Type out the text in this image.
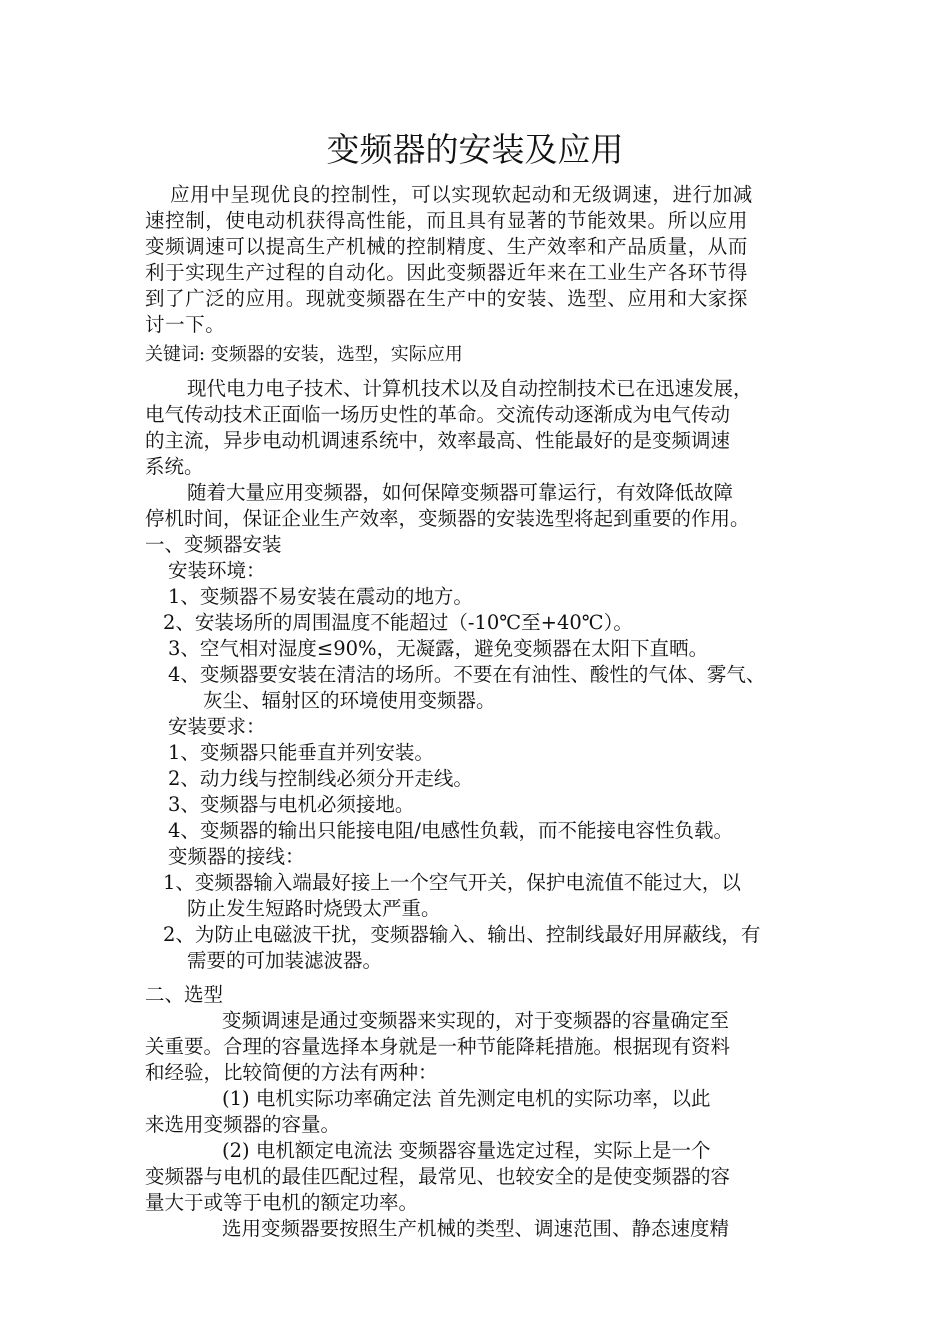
变频器的安装及应用
应用中呈现优良的控制性，可以实现软起动和无级调速，进行加减
速控制，使电动机获得高性能，而且具有显著的节能效果。所以应用
变频调速可以提高生产机械的控制精度、生产效率和产品质量，从而
利于实现生产过程的自动化。因此变频器近年来在工业生产各环节得
到了广泛的应用。现就变频器在生产中的安装、选型、应用和大家探
讨一下。
关键词: 变频器的安装，选型，实际应用
现代电力电子技术、计算机技术以及自动控制技术已在迅速发展，
电气传动技术正面临一场历史性的革命。交流传动逐渐成为电气传动
的主流，异步电动机调速系统中，效率最高、性能最好的是变频调速
系统。
随着大量应用变频器，如何保障变频器可靠运行，有效降低故障
停机时间，保证企业生产效率，变频器的安装选型将起到重要的作用。
一、变频器安装
安装环境：
1、变频器不易安装在震动的地方。
2、安装场所的周围温度不能超过（-10℃至+40℃）。
3、空气相对湿度≤90%，无凝露，避免变频器在太阳下直晒。
4、变频器要安装在清洁的场所。不要在有油性、酸性的气体、雾气、
灰尘、辐射区的环境使用变频器。
安装要求：
1、变频器只能垂直并列安装。
2、动力线与控制线必须分开走线。
3、变频器与电机必须接地。
4、变频器的输出只能接电阻/电感性负载，而不能接电容性负载。
变频器的接线：
1、变频器输入端最好接上一个空气开关，保护电流值不能过大，以
防止发生短路时烧毁太严重。
2、为防止电磁波干扰，变频器输入、输出、控制线最好用屏蔽线，有
需要的可加装滤波器。
二、选型
变频调速是通过变频器来实现的，对于变频器的容量确定至
关重要。合理的容量选择本身就是一种节能降耗措施。根据现有资料
和经验，比较简便的方法有两种：
(1) 电机实际功率确定法 首先测定电机的实际功率，以此
来选用变频器的容量。
(2) 电机额定电流法 变频器容量选定过程，实际上是一个
变频器与电机的最佳匹配过程，最常见、也较安全的是使变频器的容
量大于或等于电机的额定功率。
选用变频器要按照生产机械的类型、调速范围、静态速度精
